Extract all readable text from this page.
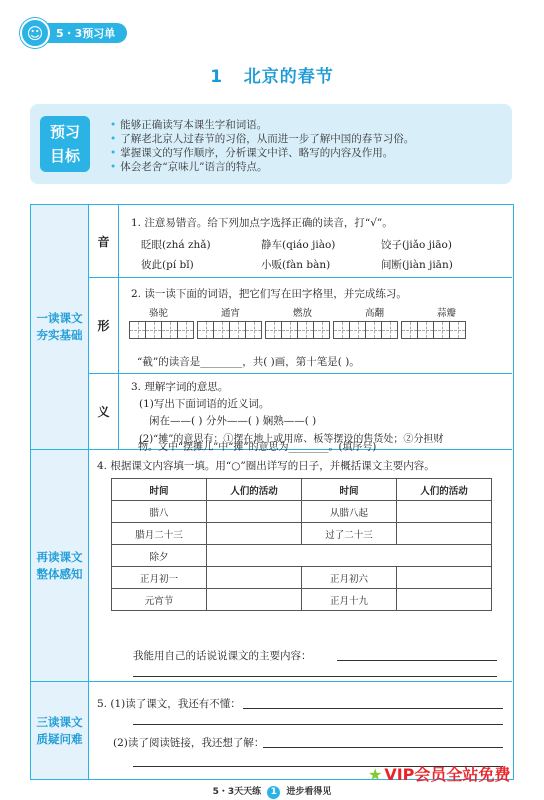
☺	5・3预习单
1 北京的春节
预习
目标
• 能够正确读写本课生字和词语。
• 了解老北京人过春节的习俗，从而进一步了解中国的春节习俗。
• 掌握课文的写作顺序，分析课文中详、略写的内容及作用。
• 体会老舍“京味儿”语言的特点。
一读课文
夯实基础
音
1. 注意易错音。给下列加点字选择正确的读音，打“√”。
眨眼(zhá zhǎ)	静车(qiáo jiào)	饺子(jiǎo jiāo)
彼此(pí bǐ)	小贩(fàn bàn)	间断(jiàn jiān)
形
2. 读一读下面的词语，把它们写在田字格里，并完成练习。
骆驼	通宵	燃放	高翻	蒜瓣
“截”的读音是________，共( )画，第十笔是( )。
义
3. 理解字词的意思。
(1)写出下面词语的近义词。
闲在——( ) 分外——( ) 娴熟——( )
(2)“摊”的意思有：①摆在地上或用席、板等摆设的售货处；②分担财
再读课文
整体感知
4. 根据课文内容填一填。用“○”圈出详写的日子，并概括课文主要内容。
时间	人们的活动	时间	人们的活动
腊八		从腊八起	
腊月二十三		过了二十三	
除夕			
正月初一		正月初六	
元宵节		正月十九	
我能用自己的话说说课文的主要内容：
三读课文
质疑问难
5. (1)读了课文，我还有不懂：
(2)读了阅读链接，我还想了解：
物。文中“摆摊儿”中“摊”的意思为________。(填序号)
5・3天天练 1 进步看得见
★ VIP会员全站免费
